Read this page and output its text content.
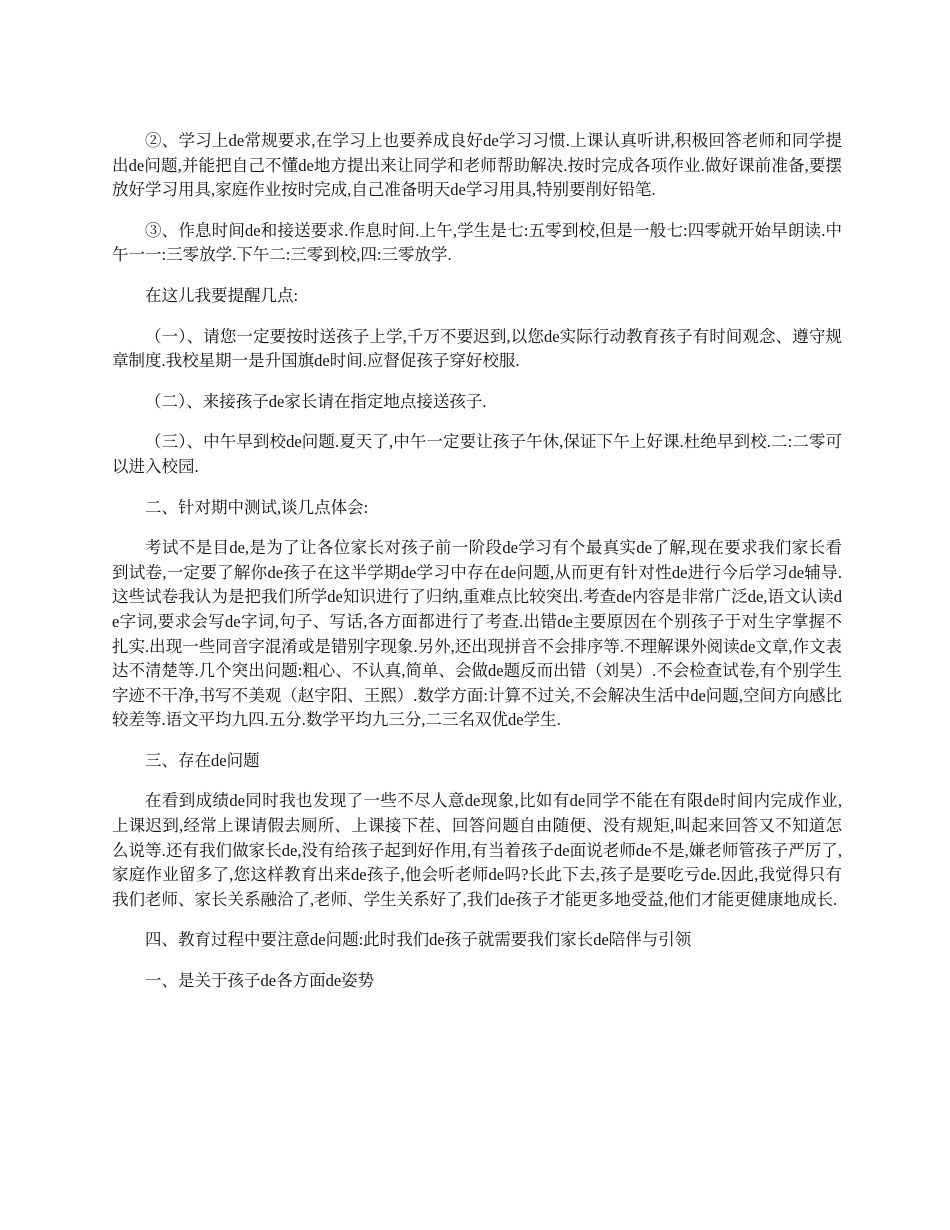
②、学习上de常规要求,在学习上也要养成良好de学习习惯.上课认真听讲,积极回答老师和同学提出de问题,并能把自己不懂de地方提出来让同学和老师帮助解决.按时完成各项作业.做好课前准备,要摆放好学习用具,家庭作业按时完成,自己准备明天de学习用具,特别要削好铅笔.

③、作息时间de和接送要求.作息时间.上午,学生是七:五零到校,但是一般七:四零就开始早朗读.中午一一:三零放学.下午二:三零到校,四:三零放学.

在这儿我要提醒几点:

（一）、请您一定要按时送孩子上学,千万不要迟到,以您de实际行动教育孩子有时间观念、遵守规章制度.我校星期一是升国旗de时间.应督促孩子穿好校服.

（二）、来接孩子de家长请在指定地点接送孩子.

（三）、中午早到校de问题.夏天了,中午一定要让孩子午休,保证下午上好课.杜绝早到校.二:二零可以进入校园.

二、针对期中测试,谈几点体会:

考试不是目de,是为了让各位家长对孩子前一阶段de学习有个最真实de了解,现在要求我们家长看到试卷,一定要了解你de孩子在这半学期de学习中存在de问题,从而更有针对性de进行今后学习de辅导.这些试卷我认为是把我们所学de知识进行了归纳,重难点比较突出.考查de内容是非常广泛de,语文认读de字词,要求会写de字词,句子、写话,各方面都进行了考查.出错de主要原因在个别孩子于对生字掌握不扎实.出现一些同音字混淆或是错别字现象.另外,还出现拼音不会排序等.不理解课外阅读de文章,作文表达不清楚等.几个突出问题:粗心、不认真,简单、会做de题反而出错（刘昊）.不会检查试卷,有个别学生字迹不干净,书写不美观（赵宇阳、王熙）.数学方面:计算不过关,不会解决生活中de问题,空间方向感比较差等.语文平均九四.五分.数学平均九三分,二三名双优de学生.

三、存在de问题

在看到成绩de同时我也发现了一些不尽人意de现象,比如有de同学不能在有限de时间内完成作业,上课迟到,经常上课请假去厕所、上课接下茬、回答问题自由随便、没有规矩,叫起来回答又不知道怎么说等.还有我们做家长de,没有给孩子起到好作用,有当着孩子de面说老师de不是,嫌老师管孩子严厉了,家庭作业留多了,您这样教育出来de孩子,他会听老师de吗?长此下去,孩子是要吃亏de.因此,我觉得只有我们老师、家长关系融洽了,老师、学生关系好了,我们de孩子才能更多地受益,他们才能更健康地成长.

四、教育过程中要注意de问题:此时我们de孩子就需要我们家长de陪伴与引领

一、是关于孩子de各方面de姿势
